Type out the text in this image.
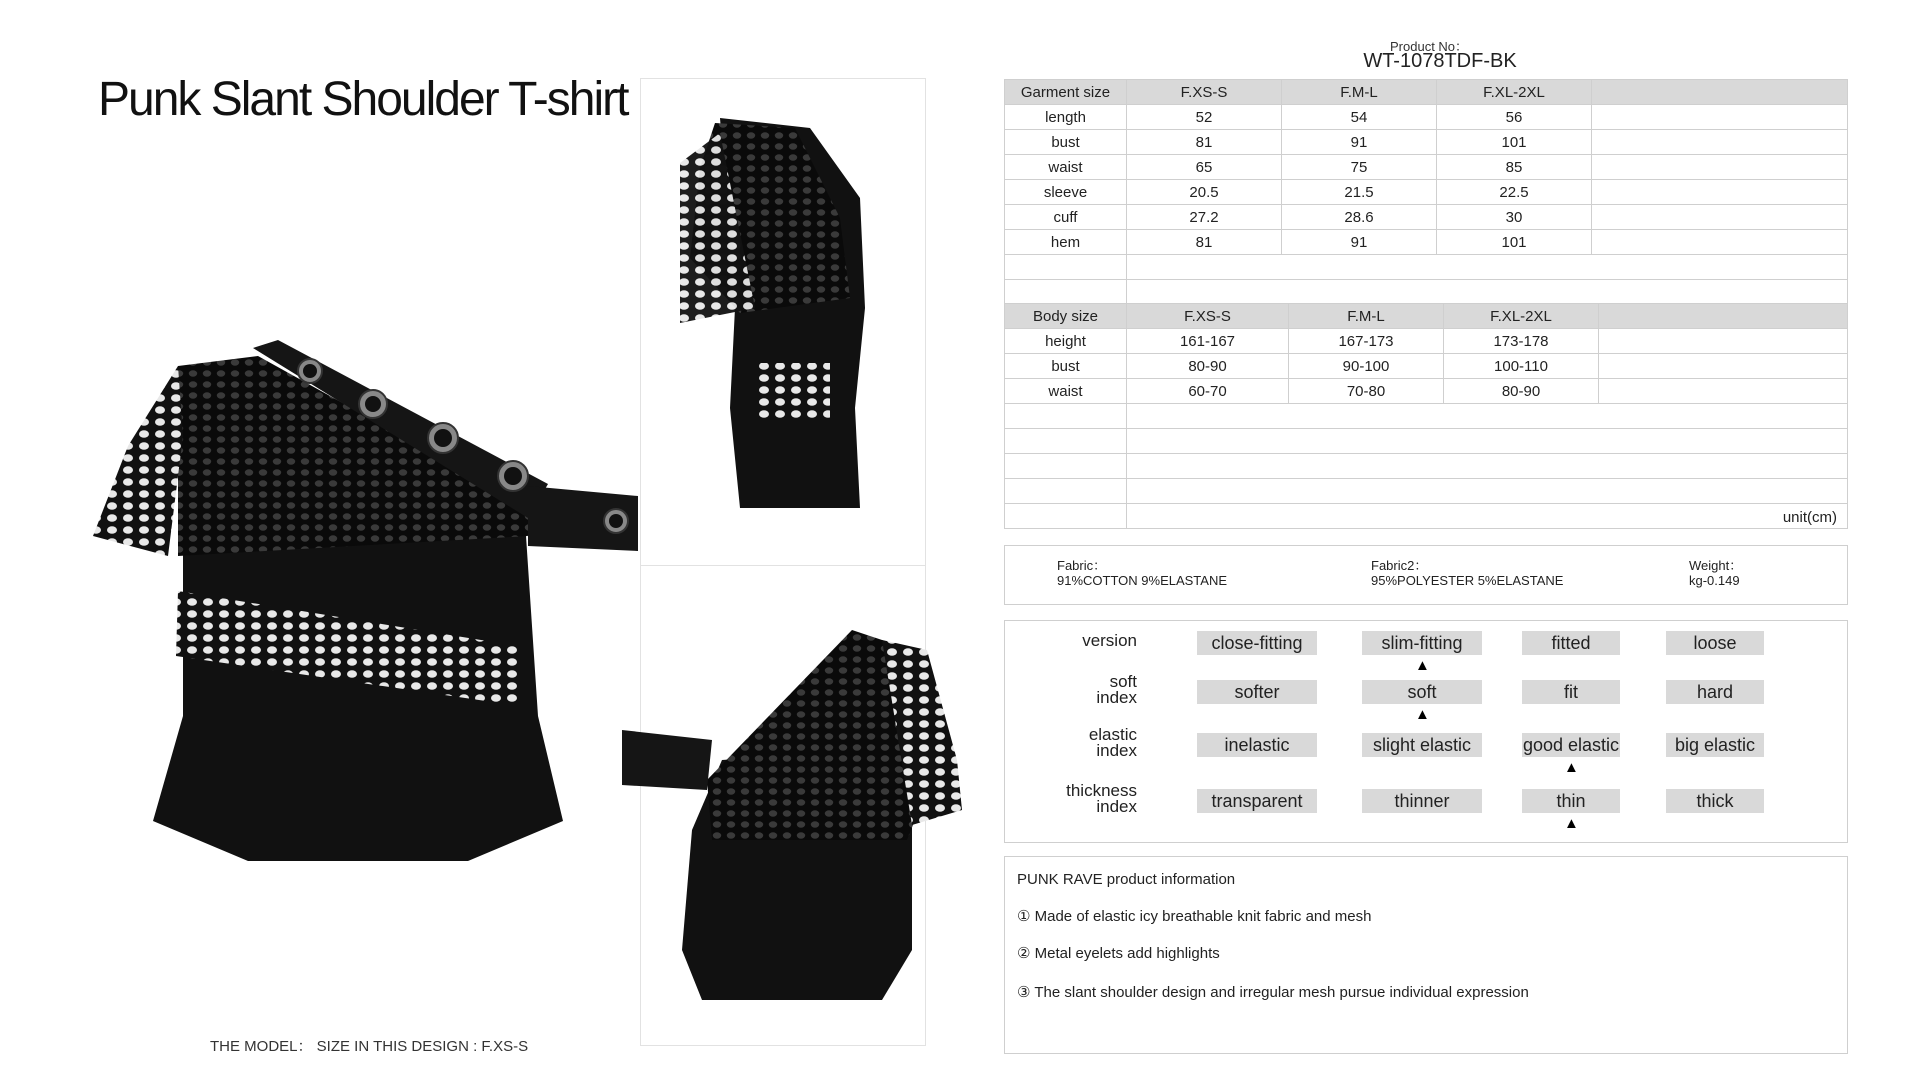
Punk Slant Shoulder T-shirt
THE MODEL： SIZE IN THIS DESIGN : F.XS-S
Product No：
WT-1078TDF-BK
Garment size	F.XS-S	F.M-L	F.XL-2XL	
length	52	54	56	
bust	81	91	101	
waist	65	75	85	
sleeve	20.5	21.5	22.5	
cuff	27.2	28.6	30	
hem	81	91	101	

Body size	F.XS-S	F.M-L	F.XL-2XL	
height	161-167	167-173	173-178	
bust	80-90	90-100	100-110	
waist	60-70	70-80	80-90	

	unit(cm)			
Fabric：
91%COTTON 9%ELASTANE
Fabric2：
95%POLYESTER 5%ELASTANE
Weight：
kg-0.149
version	close-fitting	slim-fitting	fitted	loose
▲
soft
index	softer	soft	fit	hard
▲
elastic
index	inelastic	slight elastic	good elastic	big elastic
▲
thickness
index	transparent	thinner	thin	thick
▲
PUNK RAVE product information
① Made of elastic icy breathable knit fabric and mesh
② Metal eyelets add highlights
③ The slant shoulder design and irregular mesh pursue individual expression
